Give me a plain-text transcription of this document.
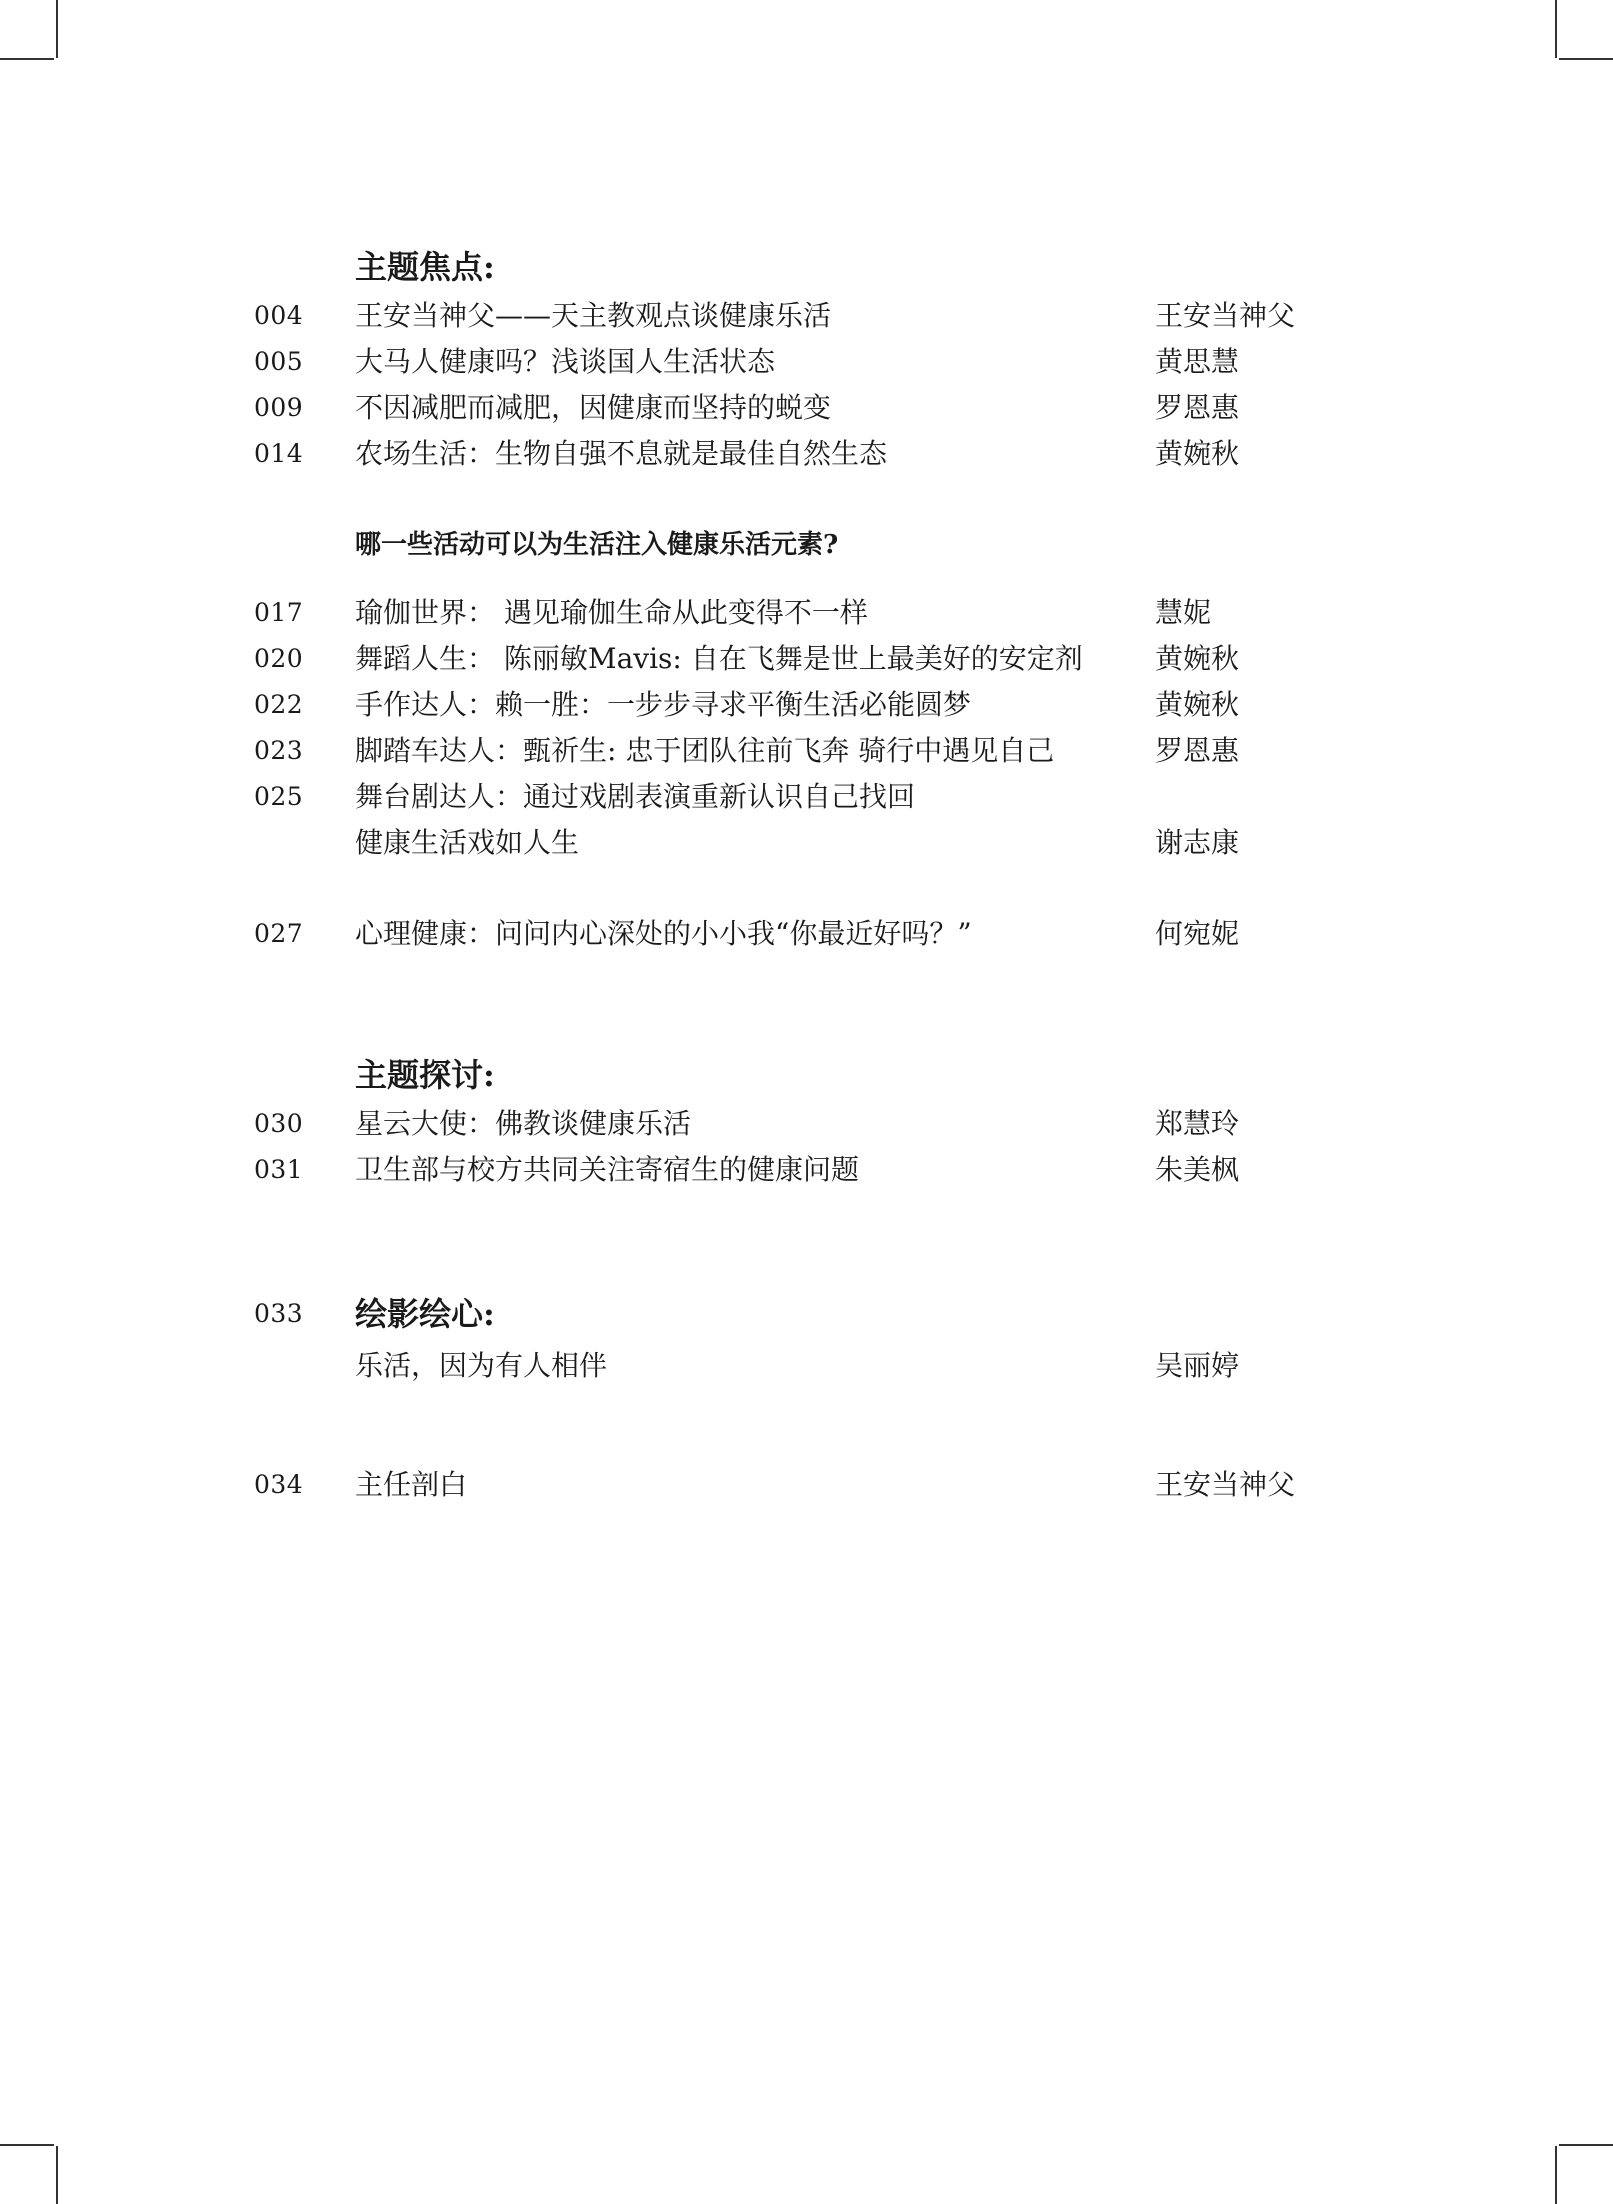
主题焦点:
004 王安当神父——天主教观点谈健康乐活	王安当神父
005 大马人健康吗？浅谈国人生活状态	黄思慧
009 不因减肥而减肥，因健康而坚持的蜕变	罗恩惠
014 农场生活：生物自强不息就是最佳自然生态	黄婉秋
哪一些活动可以为生活注入健康乐活元素?
017 瑜伽世界： 遇见瑜伽生命从此变得不一样	慧妮
020 舞蹈人生： 陈丽敏Mavis: 自在飞舞是世上最美好的安定剂	黄婉秋
022 手作达人：赖一胜：一步步寻求平衡生活必能圆梦	黄婉秋
023 脚踏车达人：甄祈生: 忠于团队往前飞奔 骑行中遇见自己	罗恩惠
025 舞台剧达人：通过戏剧表演重新认识自己找回
健康生活戏如人生	谢志康
027 心理健康：问问内心深处的小小我“你最近好吗？”	何宛妮
主题探讨:
030 星云大使：佛教谈健康乐活	郑慧玲
031 卫生部与校方共同关注寄宿生的健康问题	朱美枫
033 绘影绘心:
乐活，因为有人相伴	吴丽婷
034 主任剖白	王安当神父
